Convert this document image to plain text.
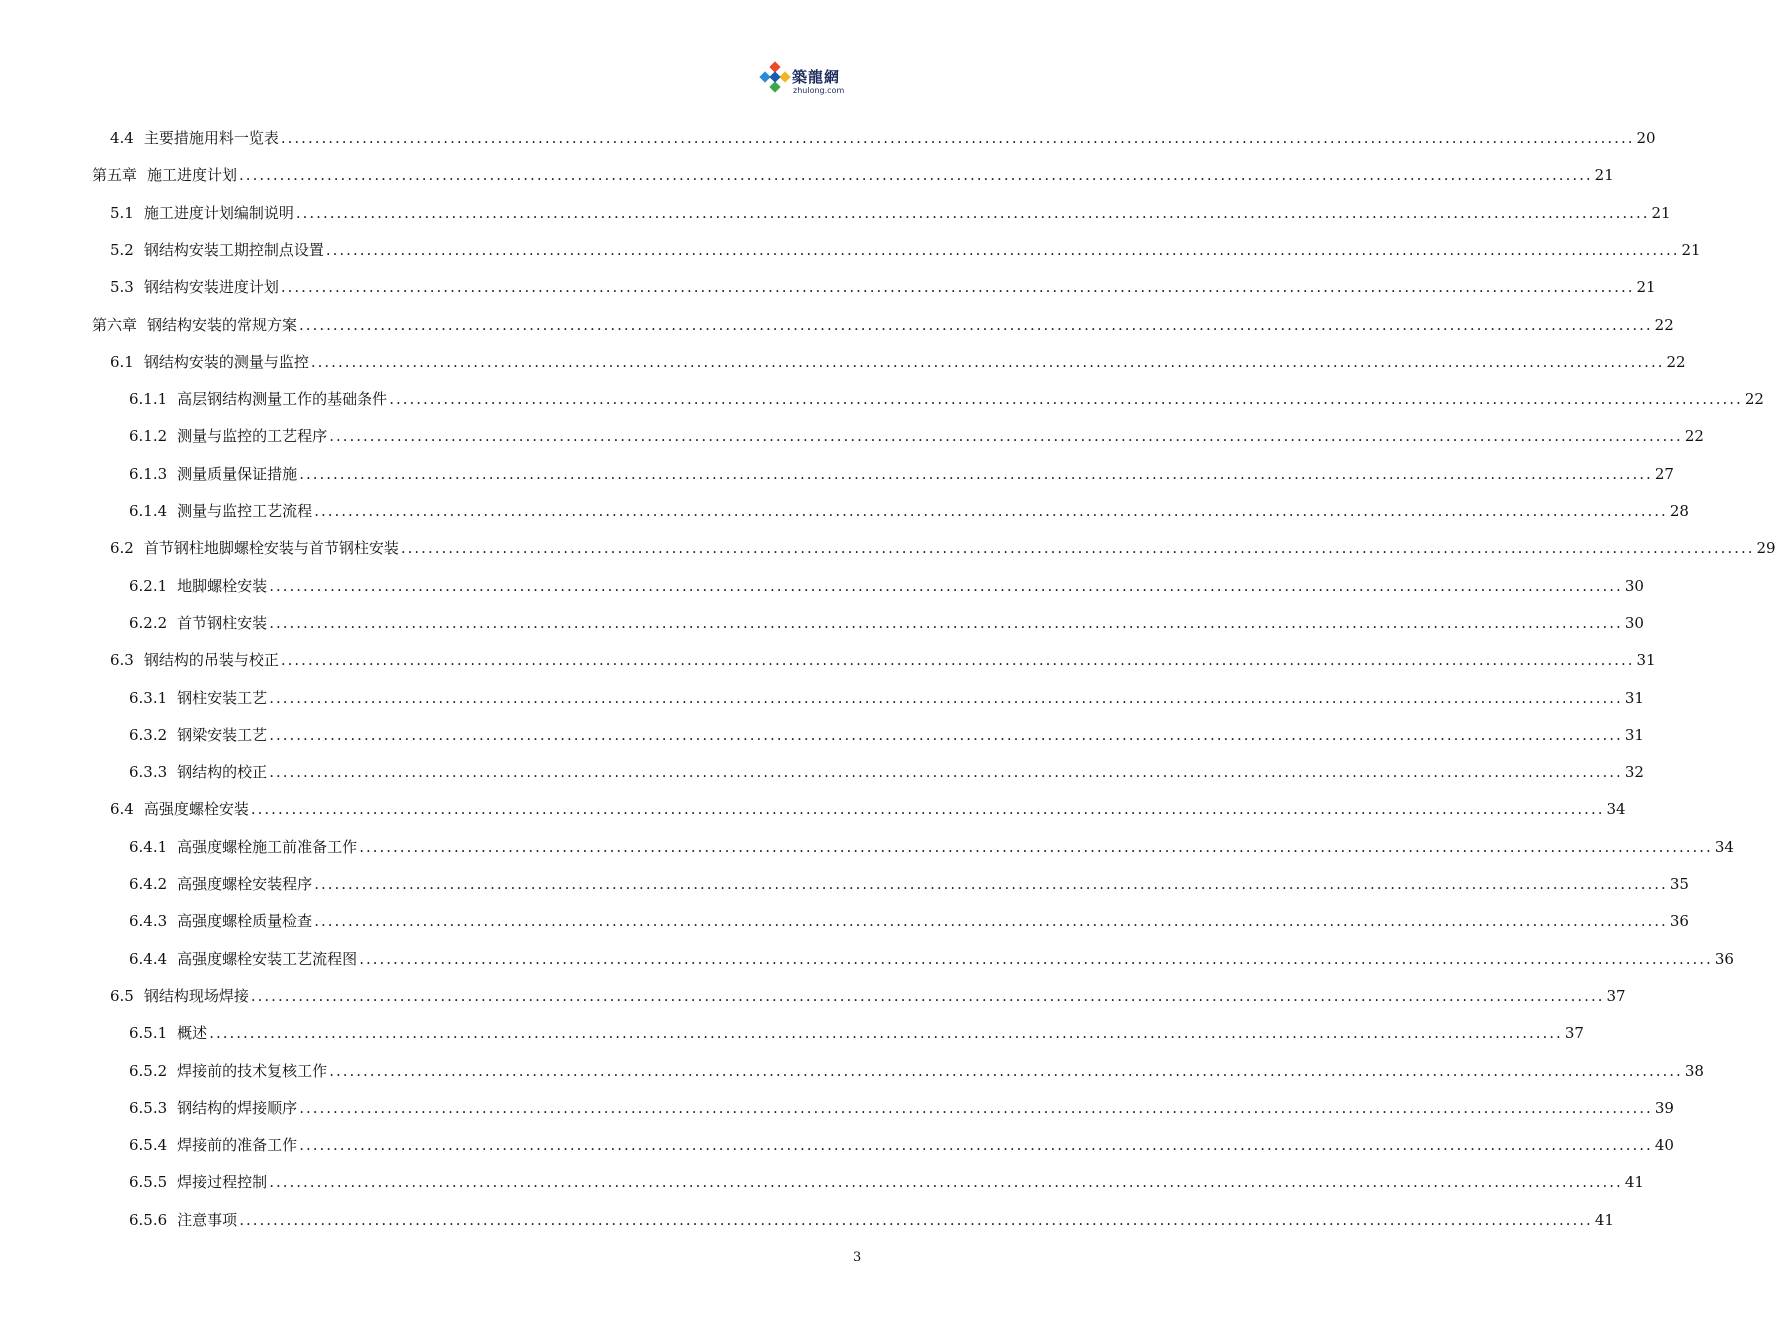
築龍網
zhulong.com
4.4 主要措施用料一览表 ........................................................................................................................................................................................................ 20
第五章 施工进度计划 ........................................................................................................................................................................................................ 21
5.1 施工进度计划编制说明 ........................................................................................................................................................................................................ 21
5.2 钢结构安装工期控制点设置 ........................................................................................................................................................................................................ 21
5.3 钢结构安装进度计划 ........................................................................................................................................................................................................ 21
第六章 钢结构安装的常规方案 ........................................................................................................................................................................................................ 22
6.1 钢结构安装的测量与监控 ........................................................................................................................................................................................................ 22
6.1.1 高层钢结构测量工作的基础条件 ........................................................................................................................................................................................................ 22
6.1.2 测量与监控的工艺程序 ........................................................................................................................................................................................................ 22
6.1.3 测量质量保证措施 ........................................................................................................................................................................................................ 27
6.1.4 测量与监控工艺流程 ........................................................................................................................................................................................................ 28
6.2 首节钢柱地脚螺栓安装与首节钢柱安装 ........................................................................................................................................................................................................ 29
6.2.1 地脚螺栓安装 ........................................................................................................................................................................................................ 30
6.2.2 首节钢柱安装 ........................................................................................................................................................................................................ 30
6.3 钢结构的吊装与校正 ........................................................................................................................................................................................................ 31
6.3.1 钢柱安装工艺 ........................................................................................................................................................................................................ 31
6.3.2 钢梁安装工艺 ........................................................................................................................................................................................................ 31
6.3.3 钢结构的校正 ........................................................................................................................................................................................................ 32
6.4 高强度螺栓安装 ........................................................................................................................................................................................................ 34
6.4.1 高强度螺栓施工前准备工作 ........................................................................................................................................................................................................ 34
6.4.2 高强度螺栓安装程序 ........................................................................................................................................................................................................ 35
6.4.3 高强度螺栓质量检查 ........................................................................................................................................................................................................ 36
6.4.4 高强度螺栓安装工艺流程图 ........................................................................................................................................................................................................ 36
6.5 钢结构现场焊接 ........................................................................................................................................................................................................ 37
6.5.1 概述 ........................................................................................................................................................................................................ 37
6.5.2 焊接前的技术复核工作 ........................................................................................................................................................................................................ 38
6.5.3 钢结构的焊接顺序 ........................................................................................................................................................................................................ 39
6.5.4 焊接前的准备工作 ........................................................................................................................................................................................................ 40
6.5.5 焊接过程控制 ........................................................................................................................................................................................................ 41
6.5.6 注意事项 ........................................................................................................................................................................................................ 41
3
